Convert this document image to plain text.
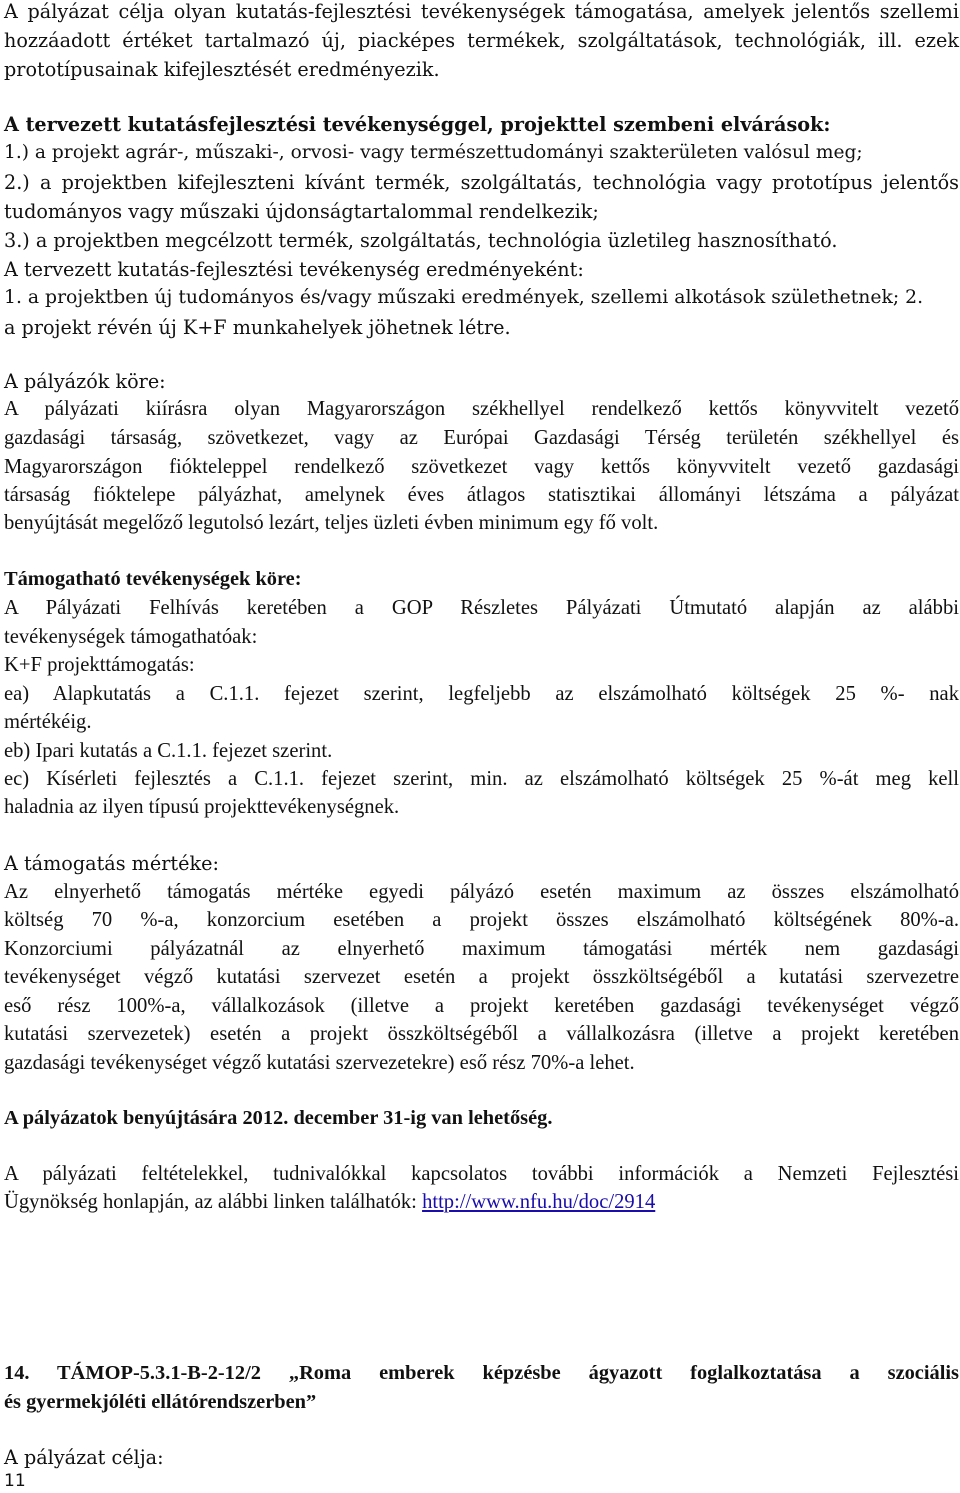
A pályázat célja olyan kutatás-fejlesztési tevékenységek támogatása, amelyek jelentős szellemi
hozzáadott értéket tartalmazó új, piacképes termékek, szolgáltatások, technológiák, ill. ezek
prototípusainak kifejlesztését eredményezik.
A tervezett kutatásfejlesztési tevékenységgel, projekttel szembeni elvárások:
1.) a projekt agrár-, műszaki-, orvosi- vagy természettudományi szakterületen valósul meg;
2.) a projektben kifejleszteni kívánt termék, szolgáltatás, technológia vagy prototípus jelentős
tudományos vagy műszaki újdonságtartalommal rendelkezik;
3.) a projektben megcélzott termék, szolgáltatás, technológia üzletileg hasznosítható.
A tervezett kutatás-fejlesztési tevékenység eredményeként:
1. a projektben új tudományos és/vagy műszaki eredmények, szellemi alkotások születhetnek; 2.
a projekt révén új K+F munkahelyek jöhetnek létre.
A pályázók köre:
A pályázati kiírásra olyan Magyarországon székhellyel rendelkező kettős könyvvitelt vezető
gazdasági társaság, szövetkezet, vagy az Európai Gazdasági Térség területén székhellyel és
Magyarországon fiókteleppel rendelkező szövetkezet vagy kettős könyvvitelt vezető gazdasági
társaság fióktelepe pályázhat, amelynek éves átlagos statisztikai állományi létszáma a pályázat
benyújtását megelőző legutolsó lezárt, teljes üzleti évben minimum egy fő volt.
Támogatható tevékenységek köre:
A Pályázati Felhívás keretében a GOP Részletes Pályázati Útmutató alapján az alábbi
tevékenységek támogathatóak:
K+F projekttámogatás:
ea) Alapkutatás a C.1.1. fejezet szerint, legfeljebb az elszámolható költségek 25 %- nak
mértékéig.
eb) Ipari kutatás a C.1.1. fejezet szerint.
ec) Kísérleti fejlesztés a C.1.1. fejezet szerint, min. az elszámolható költségek 25 %-át meg kell
haladnia az ilyen típusú projekttevékenységnek.
A támogatás mértéke:
Az elnyerhető támogatás mértéke egyedi pályázó esetén maximum az összes elszámolható
költség 70 %-a, konzorcium esetében a projekt összes elszámolható költségének 80%-a.
Konzorciumi pályázatnál az elnyerhető maximum támogatási mérték nem gazdasági
tevékenységet végző kutatási szervezet esetén a projekt összköltségéből a kutatási szervezetre
eső rész 100%-a, vállalkozások (illetve a projekt keretében gazdasági tevékenységet végző
kutatási szervezetek) esetén a projekt összköltségéből a vállalkozásra (illetve a projekt keretében
gazdasági tevékenységet végző kutatási szervezetekre) eső rész 70%-a lehet.
A pályázatok benyújtására 2012. december 31-ig van lehetőség.
A pályázati feltételekkel, tudnivalókkal kapcsolatos további információk a Nemzeti Fejlesztési
Ügynökség honlapján, az alábbi linken találhatók: http://www.nfu.hu/doc/2914
14. TÁMOP-5.3.1-B-2-12/2 „Roma emberek képzésbe ágyazott foglalkoztatása a szociális
és gyermekjóléti ellátórendszerben”
A pályázat célja:
11
